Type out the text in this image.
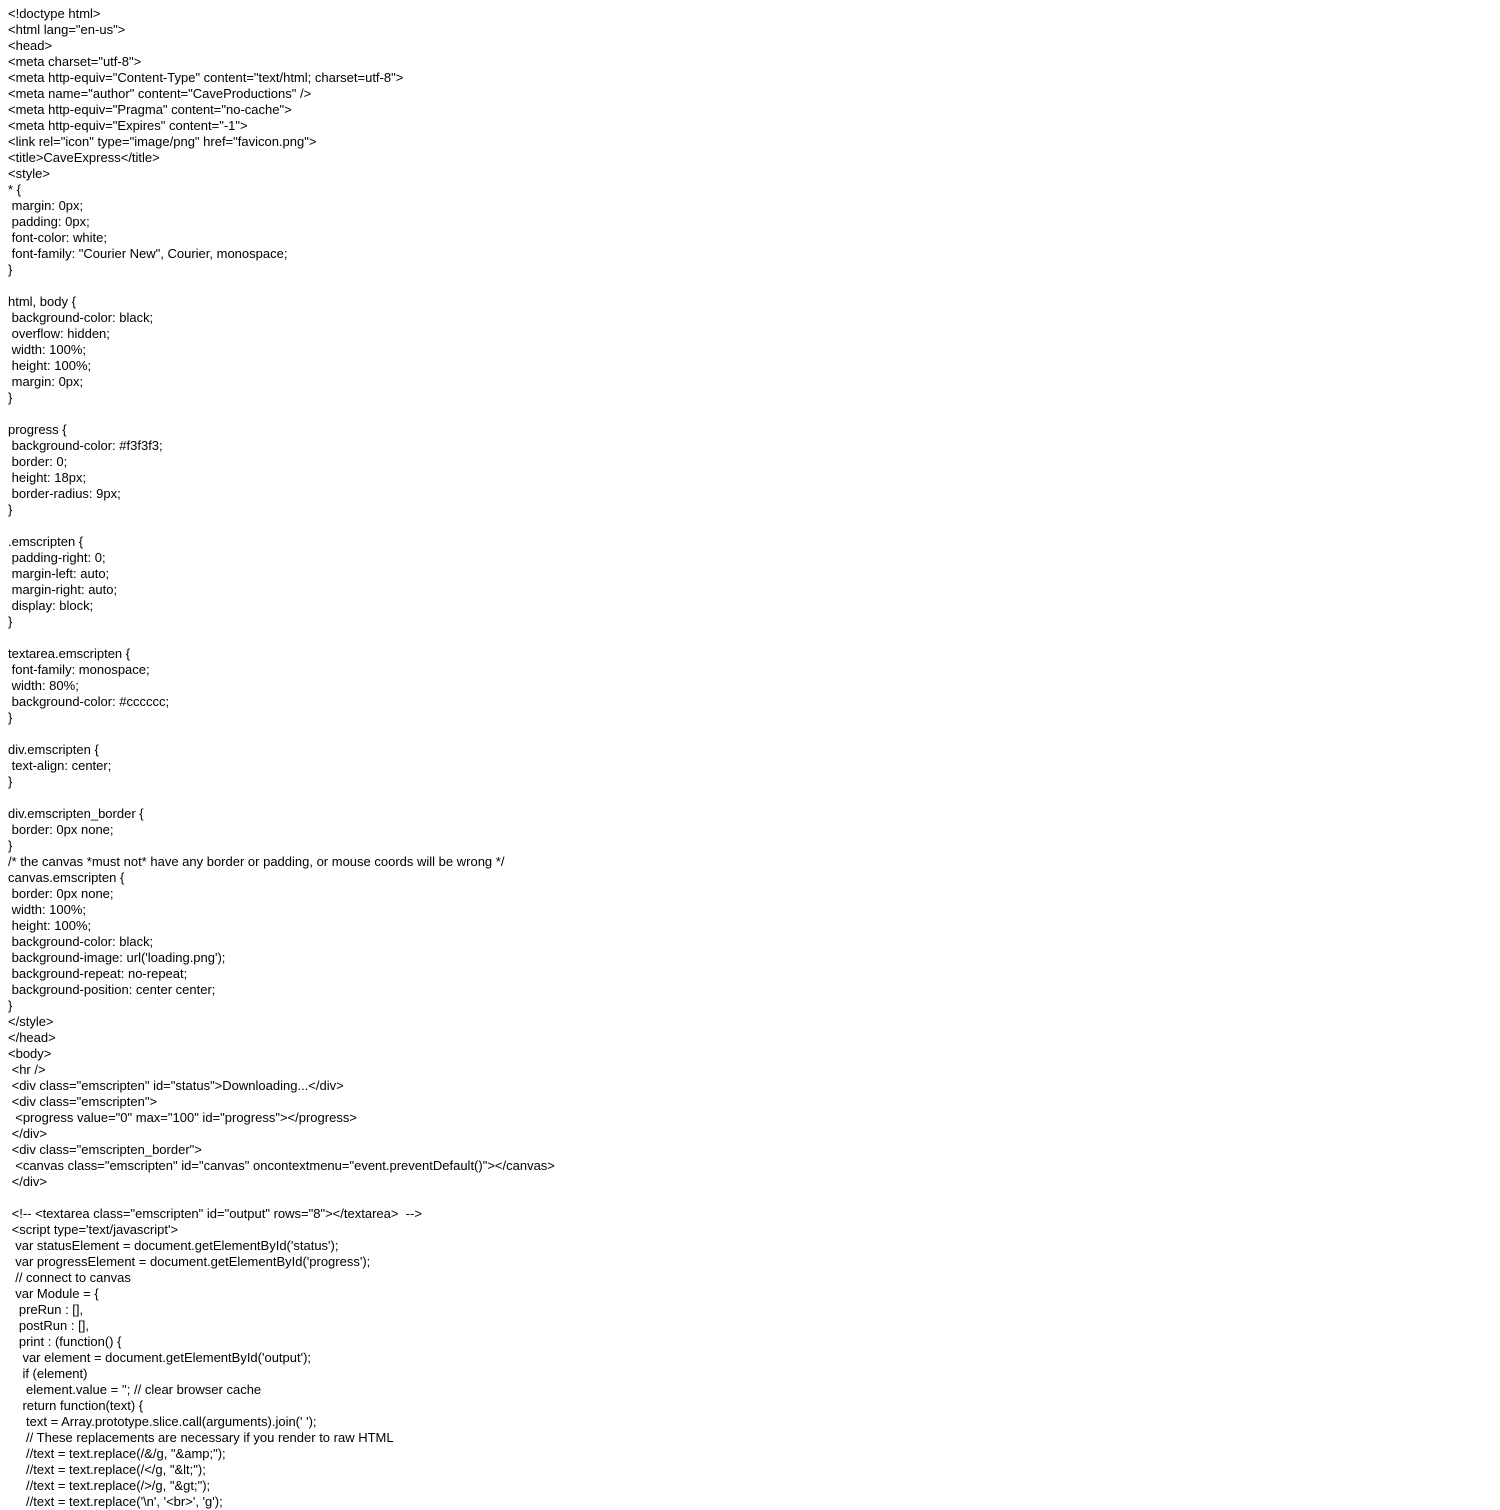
<!doctype html>
<html lang="en-us">
<head>
<meta charset="utf-8">
<meta http-equiv="Content-Type" content="text/html; charset=utf-8">
<meta name="author" content="CaveProductions" />
<meta http-equiv="Pragma" content="no-cache">
<meta http-equiv="Expires" content="-1">
<link rel="icon" type="image/png" href="favicon.png">
<title>CaveExpress</title>
<style>
* {
margin: 0px;
padding: 0px;
font-color: white;
font-family: "Courier New", Courier, monospace;
}
html, body {
background-color: black;
overflow: hidden;
width: 100%;
height: 100%;
margin: 0px;
}
progress {
background-color: #f3f3f3;
border: 0;
height: 18px;
border-radius: 9px;
}
.emscripten {
padding-right: 0;
margin-left: auto;
margin-right: auto;
display: block;
}
textarea.emscripten {
font-family: monospace;
width: 80%;
background-color: #cccccc;
}
div.emscripten {
text-align: center;
}
div.emscripten_border {
border: 0px none;
}
/* the canvas *must not* have any border or padding, or mouse coords will be wrong */
canvas.emscripten {
border: 0px none;
width: 100%;
height: 100%;
background-color: black;
background-image: url('loading.png');
background-repeat: no-repeat;
background-position: center center;
}
</style>
</head>
<body>
<hr />
<div class="emscripten" id="status">Downloading...</div>
<div class="emscripten">
<progress value="0" max="100" id="progress"></progress>
</div>
<div class="emscripten_border">
<canvas class="emscripten" id="canvas" oncontextmenu="event.preventDefault()"></canvas>
</div>
<!-- <textarea class="emscripten" id="output" rows="8"></textarea>  -->
<script type='text/javascript'>
var statusElement = document.getElementById('status');
var progressElement = document.getElementById('progress');
// connect to canvas
var Module = {
preRun : [],
postRun : [],
print : (function() {
var element = document.getElementById('output');
if (element)
element.value = ''; // clear browser cache
return function(text) {
text = Array.prototype.slice.call(arguments).join(' ');
// These replacements are necessary if you render to raw HTML
//text = text.replace(/&/g, "&amp;");
//text = text.replace(/</g, "&lt;");
//text = text.replace(/>/g, "&gt;");
//text = text.replace('\n', '<br>', 'g');
